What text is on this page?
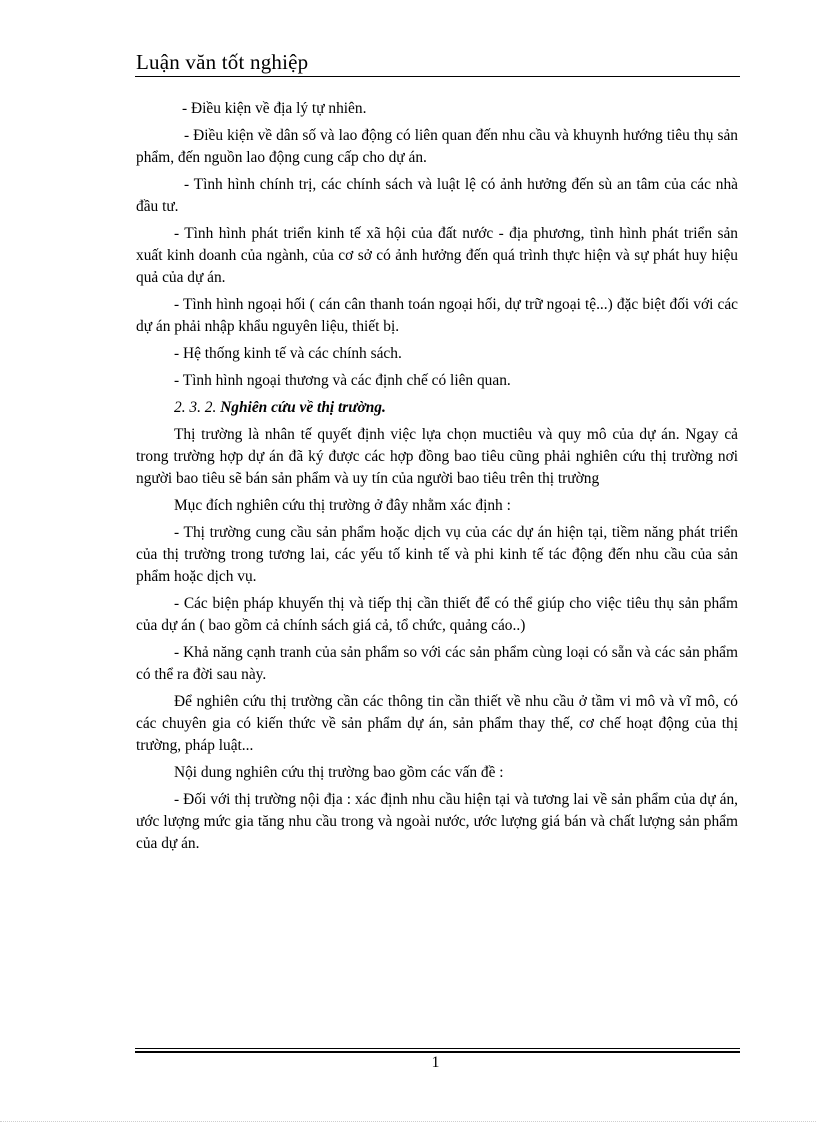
Luận văn tốt nghiệp

- Điều kiện về địa lý tự nhiên.

- Điều kiện về dân số và lao động có liên quan đến nhu cầu và khuynh hướng tiêu thụ sản phẩm, đến nguồn lao động cung cấp cho dự án.

- Tình hình chính trị, các chính sách và luật lệ có ảnh hưởng đến sù an tâm của các nhà đầu tư.

- Tình hình phát triển kinh tế xã hội của đất nước - địa phương, tình hình phát triển sản xuất kinh doanh của ngành, của cơ sở có ảnh hưởng đến quá trình thực hiện và sự phát huy hiệu quả của dự án.

- Tình hình ngoại hối ( cán cân thanh toán ngoại hối, dự trữ ngoại tệ...) đặc biệt đối với các dự án phải nhập khẩu nguyên liệu, thiết bị.

- Hệ thống kinh tế và các chính sách.

- Tình hình ngoại thương và các định chế có liên quan.

2. 3. 2. Nghiên cứu về thị trường.

Thị trường là nhân tế quyết định việc lựa chọn muctiêu và quy mô của dự án. Ngay cả trong trường hợp dự án đã ký được các hợp đồng bao tiêu cũng phải nghiên cứu thị trường nơi người bao tiêu sẽ bán sản phẩm và uy tín của người bao tiêu trên thị trường

Mục đích nghiên cứu thị trường ở đây nhằm xác định :

- Thị trường cung cầu sản phẩm hoặc dịch vụ của các dự án hiện tại, tiềm năng phát triển của thị trường trong tương lai, các yếu tố kinh tế và phi kinh tế tác động đến nhu cầu của sản phẩm hoặc dịch vụ.

- Các biện pháp khuyến thị và tiếp thị cần thiết để có thể giúp cho việc tiêu thụ sản phẩm của dự án ( bao gồm cả chính sách giá cả, tổ chức, quảng cáo..)

- Khả năng cạnh tranh của sản phẩm so với các sản phẩm cùng loại có sẵn và các sản phẩm có thể ra đời sau này.

Để nghiên cứu thị trường cần các thông tin cần thiết về nhu cầu ở tầm vi mô và vĩ mô, có các chuyên gia có kiến thức về sản phẩm dự án, sản phẩm thay thế, cơ chế hoạt động của thị trường, pháp luật...

Nội dung nghiên cứu thị trường bao gồm các vấn đề :

- Đối với thị trường nội địa : xác định nhu cầu hiện tại và tương lai về sản phẩm của dự án, ước lượng mức gia tăng nhu cầu trong và ngoài nước, ước lượng giá bán và chất lượng sản phẩm của dự án.

1
